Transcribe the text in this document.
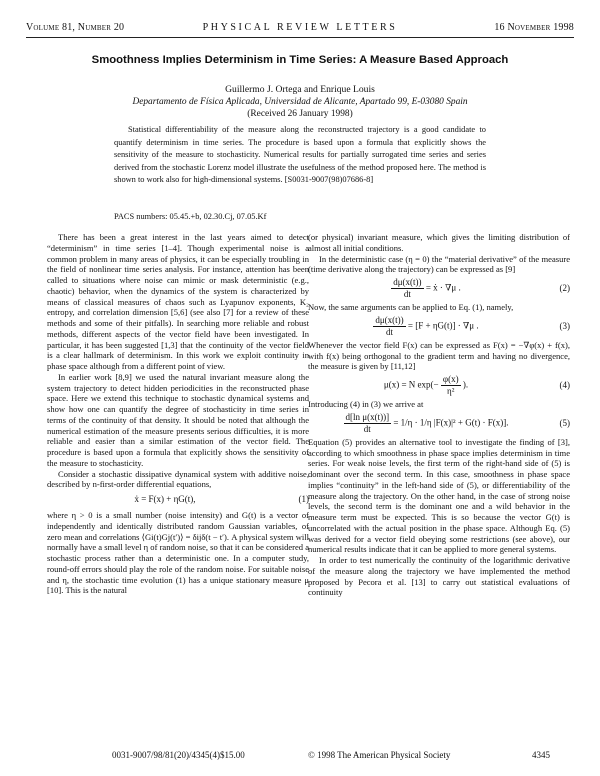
Volume 81, Number 20	PHYSICAL REVIEW LETTERS	16 November 1998
Smoothness Implies Determinism in Time Series: A Measure Based Approach
Guillermo J. Ortega and Enrique Louis
Departamento de Física Aplicada, Universidad de Alicante, Apartado 99, E-03080 Spain
(Received 26 January 1998)

Statistical differentiability of the measure along the reconstructed trajectory is a good candidate to quantify determinism in time series. The procedure is based upon a formula that explicitly shows the sensitivity of the measure to stochasticity. Numerical results for partially surrogated time series and series derived from the stochastic Lorenz model illustrate the usefulness of the method proposed here. The method is shown to work also for high-dimensional systems. [S0031-9007(98)07686-8]

PACS numbers: 05.45.+b, 02.30.Cj, 07.05.Kf

There has been a great interest in the last years aimed to detect “determinism” in time series [1–4]. Though experimental noise is a common problem in many areas of physics, it can be especially troubling in the field of nonlinear time series analysis. For instance, attention has been called to situations where noise can mimic or mask deterministic (e.g., chaotic) behavior, when the dynamics of the system is characterized by means of classical measures of chaos such as Lyapunov exponents, K₂ entropy, and correlation dimension [5,6] (see also [7] for a review of these methods and some of their pitfalls). In searching more reliable and robust methods, different aspects of the vector field have been investigated. In particular, it has been suggested [1,3] that the continuity of the vector field is a clear hallmark of determinism. In this work we exploit continuity in phase space although from a different point of view.

In earlier work [8,9] we used the natural invariant measure along the system trajectory to detect hidden periodicities in the reconstructed phase space. Here we extend this technique to stochastic dynamical systems and show how one can quantify the degree of stochasticity in time series in terms of the continuity of that density. It should be noted that although the numerical estimation of the measure presents serious difficulties, it is more reliable and easier than a similar estimation of the vector field. The procedure is based upon a formula that explicitly shows the sensitivity of the measure to stochasticity.

Consider a stochastic dissipative dynamical system with additive noise, described by n-first-order differential equations,

ẋ = F(x) + ηG(t),	(1)

where η > 0 is a small number (noise intensity) and G(t) is a vector of independently and identically distributed random Gaussian variables, of zero mean and correlations ⟨Gi(t)Gj(t′)⟩ = δijδ(t − t′). A physical system will normally have a small level η of random noise, so that it can be considered a stochastic process rather than a deterministic one. In a computer study, round-off errors should play the role of the random noise. For suitable noise and η, the stochastic time evolution (1) has a unique stationary measure μ [10]. This is the natural

(or physical) invariant measure, which gives the limiting distribution of almost all initial conditions.

In the deterministic case (η = 0) the “material derivative” of the measure (time derivative along the trajectory) can be expressed as [9]

$\frac{d\mu(x(t))}{dt}$ = ẋ · ∇μ .	(2)

Now, the same arguments can be applied to Eq. (1), namely,

$\frac{d\mu(x(t))}{dt} = [F + \eta G(t)] \cdot \nabla\mu$ .	(3)

Whenever the vector field F(x) can be expressed as F(x) = −∇φ(x) + f(x), with f(x) being orthogonal to the gradient term and having no divergence, the measure is given by [11,12]

μ(x) = N $\exp(- \frac{\varphi(x)}{\text{η²}}$ ).	(4)

Introducing (4) in (3) we arrive at

$\frac{\text{d[ln μ(x(t))]}}{dt} = 1/\eta \cdot 1/\eta$ |F(x)|² + G(t) · F(x)].	(5)

Equation (5) provides an alternative tool to investigate the finding of [3], according to which smoothness in phase space implies determinism in time series. For weak noise levels, the first term of the right-hand side of (5) is dominant over the second term. In this case, smoothness in phase space implies “continuity” in the left-hand side of (5), or differentiability of the measure along the trajectory. On the other hand, in the case of strong noise levels, the second term is the dominant one and a wild behavior in the measure term must be expected. This is so because the vector G(t) is uncorrelated with the actual position in the phase space. Although Eq. (5) was derived for a vector field obeying some restrictions (see above), our numerical results indicate that it can be applied to more general systems.

In order to test numerically the continuity of the logarithmic derivative of the measure along the trajectory we have implemented the method proposed by Pecora et al. [13] to carry out statistical evaluations of continuity

0031-9007/98/81(20)/4345(4)$15.00	© 1998 The American Physical Society	4345
